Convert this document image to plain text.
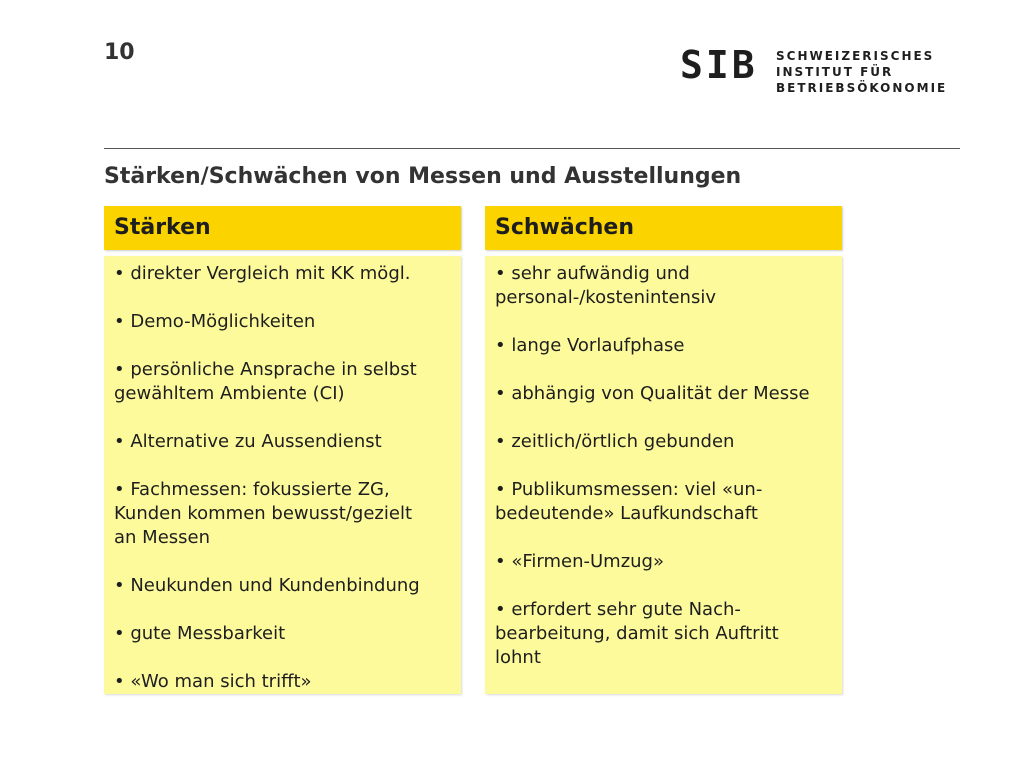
10	SIB SCHWEIZERISCHES
INSTITUT FÜR
BETRIEBSÖKONOMIE
Stärken/Schwächen von Messen und Ausstellungen
Stärken	Schwächen
• direkter Vergleich mit KK mögl.
• Demo-Möglichkeiten
• persönliche Ansprache in selbst
gewähltem Ambiente (CI)
• Alternative zu Aussendienst
• Fachmessen: fokussierte ZG,
Kunden kommen bewusst/gezielt
an Messen
• Neukunden und Kundenbindung
• gute Messbarkeit
• «Wo man sich trifft»
• sehr aufwändig und
personal-/kostenintensiv
• lange Vorlaufphase
• abhängig von Qualität der Messe
• zeitlich/örtlich gebunden
• Publikumsmessen: viel «un-
bedeutende» Laufkundschaft
• «Firmen-Umzug»
• erfordert sehr gute Nach-
bearbeitung, damit sich Auftritt
lohnt
